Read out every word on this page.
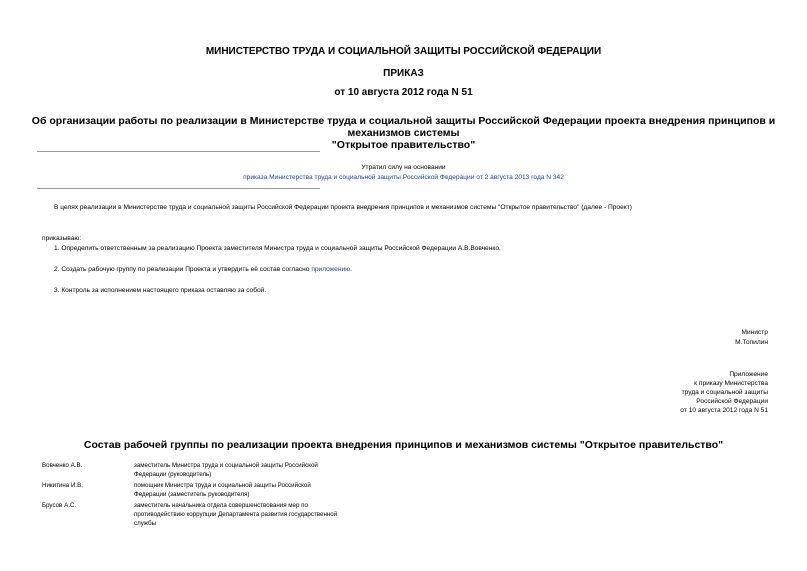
МИНИСТЕРСТВО ТРУДА И СОЦИАЛЬНОЙ ЗАЩИТЫ РОССИЙСКОЙ ФЕДЕРАЦИИ
ПРИКАЗ
от 10 августа 2012 года N 51
Об организации работы по реализации в Министерстве труда и социальной защиты Российской Федерации проекта внедрения принципов и механизмов системы
"Открытое правительство"
Утратил силу на основании
приказа Министерства труда и социальной защиты Российской Федерации от 2 августа 2013 года N 342
В целях реализации в Министерстве труда и социальной защиты Российской Федерации проекта внедрения принципов и механизмов системы "Открытое правительство" (далее - Проект)
приказываю:
1. Определить ответственным за реализацию Проекта заместителя Министра труда и социальной защиты Российской Федерации А.В.Вовченко.
2. Создать рабочую группу по реализации Проекта и утвердить её состав согласно приложению.
3. Контроль за исполнением настоящего приказа оставляю за собой.
Министр
М.Топилин
Приложение
к приказу Министерства
труда и социальной защиты
Российской Федерации
от 10 августа 2012 года N 51
Состав рабочей группы по реализации проекта внедрения принципов и механизмов системы "Открытое правительство"
Вовченко А.В.	заместитель Министра труда и социальной защиты Российской Федерации (руководитель)
Никитина И.В.	помощник Министра труда и социальной защиты Российской Федерации (заместитель руководителя)
Брусов А.С.	заместитель начальника отдела совершенствования мер по противодействию коррупции Департамента развития государственной службы
